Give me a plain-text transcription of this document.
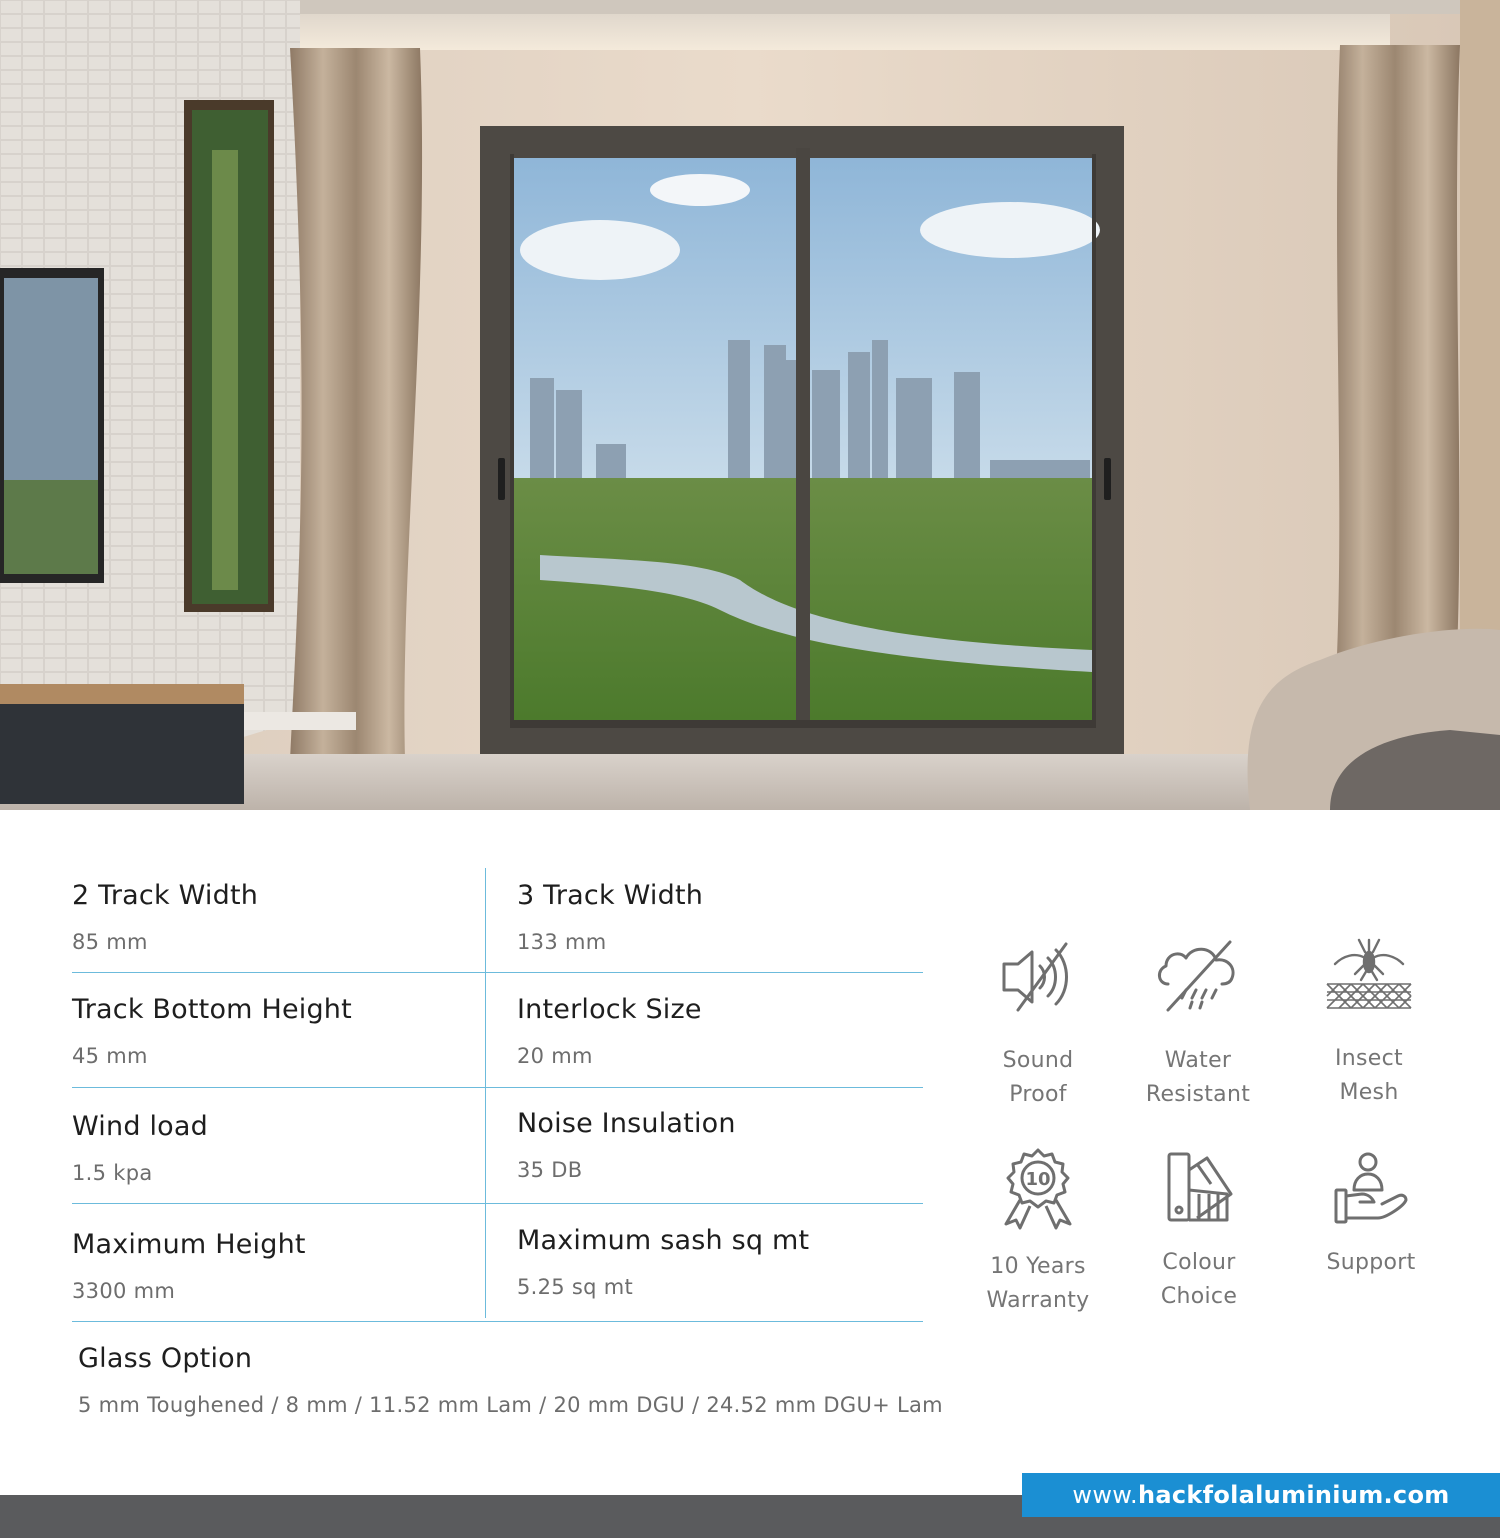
2 Track Width
85 mm
3 Track Width
133 mm
Track Bottom Height
45 mm
Interlock Size
20 mm
Wind load
1.5 kpa
Noise Insulation
35 DB
Maximum Height
3300 mm
Maximum sash sq mt
5.25 sq mt
Glass Option
5 mm Toughened / 8 mm / 11.52 mm Lam / 20 mm DGU / 24.52 mm DGU+ Lam
Sound
Proof
Water
Resistant
Insect
Mesh
10
10 Years
Warranty
Colour
Choice
Support
www.hackfolaluminium.com
